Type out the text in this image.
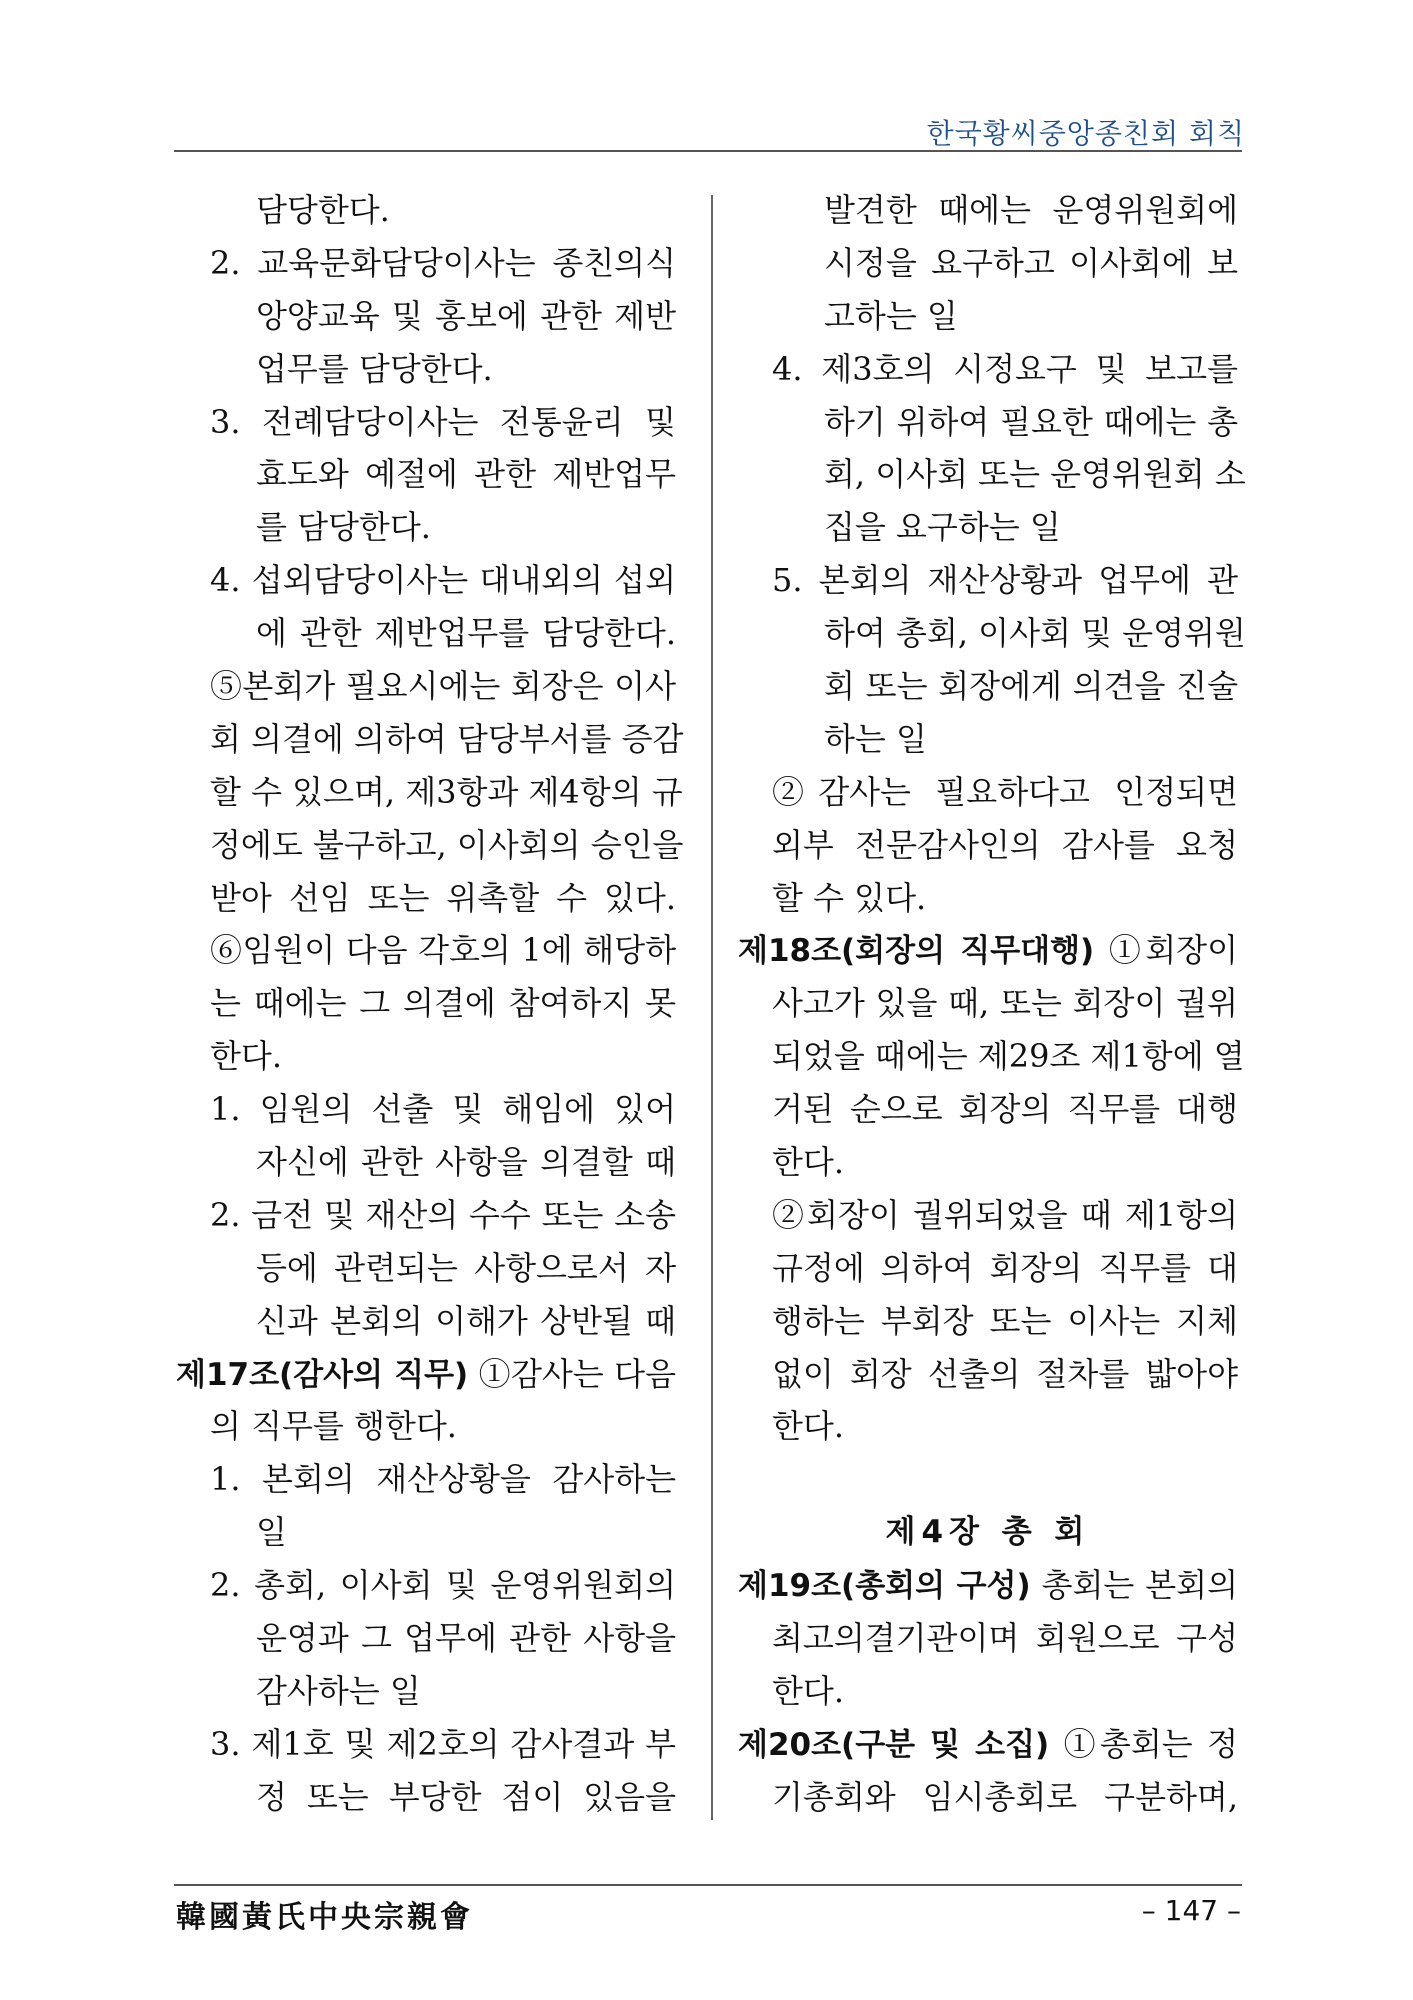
한국황씨중앙종친회 회칙
담당한다.
2. 교육문화담당이사는 종친의식
앙양교육 및 홍보에 관한 제반
업무를 담당한다.
3. 전례담당이사는 전통윤리 및
효도와 예절에 관한 제반업무
를 담당한다.
4. 섭외담당이사는 대내외의 섭외
에 관한 제반업무를 담당한다.
⑤본회가 필요시에는 회장은 이사
회 의결에 의하여 담당부서를 증감
할 수 있으며, 제3항과 제4항의 규
정에도 불구하고, 이사회의 승인을
받아 선임 또는 위촉할 수 있다.
⑥임원이 다음 각호의 1에 해당하
는 때에는 그 의결에 참여하지 못
한다.
1. 임원의 선출 및 해임에 있어
자신에 관한 사항을 의결할 때
2. 금전 및 재산의 수수 또는 소송
등에 관련되는 사항으로서 자
신과 본회의 이해가 상반될 때
제17조(감사의 직무) ①감사는 다음
의 직무를 행한다.
1. 본회의 재산상황을 감사하는
일
2. 총회, 이사회 및 운영위원회의
운영과 그 업무에 관한 사항을
감사하는 일
3. 제1호 및 제2호의 감사결과 부
정 또는 부당한 점이 있음을
발견한 때에는 운영위원회에
시정을 요구하고 이사회에 보
고하는 일
4. 제3호의 시정요구 및 보고를
하기 위하여 필요한 때에는 총
회, 이사회 또는 운영위원회 소
집을 요구하는 일
5. 본회의 재산상황과 업무에 관
하여 총회, 이사회 및 운영위원
회 또는 회장에게 의견을 진술
하는 일
②감사는 필요하다고 인정되면
외부 전문감사인의 감사를 요청
할 수 있다.
제18조(회장의 직무대행) ①회장이
사고가 있을 때, 또는 회장이 궐위
되었을 때에는 제29조 제1항에 열
거된 순으로 회장의 직무를 대행
한다.
②회장이 궐위되었을 때 제1항의
규정에 의하여 회장의 직무를 대
행하는 부회장 또는 이사는 지체
없이 회장 선출의 절차를 밟아야
한다.
제4장 총 회
제19조(총회의 구성) 총회는 본회의
최고의결기관이며 회원으로 구성
한다.
제20조(구분 및 소집) ①총회는 정
기총회와 임시총회로 구분하며,
韓國黃氏中央宗親會	– 147 –
